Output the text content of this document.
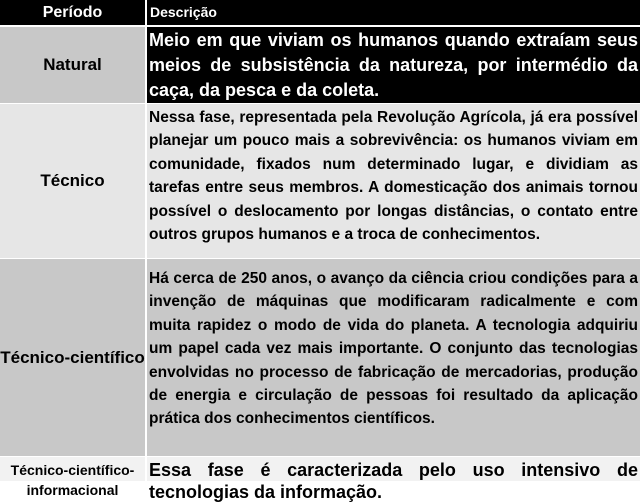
Período	Descrição
Natural
Meio em que viviam os humanos quando extraíam seus meios de subsistência da natureza, por intermédio da caça, da pesca e da coleta.
Técnico
Nessa fase, representada pela Revolução Agrícola, já era possível planejar um pouco mais a sobrevivência: os humanos viviam em comunidade, fixados num determinado lugar, e dividiam as tarefas entre seus membros. A domesticação dos animais tornou possível o deslocamento por longas distâncias, o contato entre outros grupos humanos e a troca de conhecimentos.
Técnico-científico
Há cerca de 250 anos, o avanço da ciência criou condições para a invenção de máquinas que modificaram radicalmente e com muita rapidez o modo de vida do planeta. A tecnologia adquiriu um papel cada vez mais importante. O conjunto das tecnologias envolvidas no processo de fabricação de mercadorias, produção de energia e circulação de pessoas foi resultado da aplicação prática dos conhecimentos científicos.
Técnico-científico-informacional
Essa fase é caracterizada pelo uso intensivo de tecnologias da informação.
